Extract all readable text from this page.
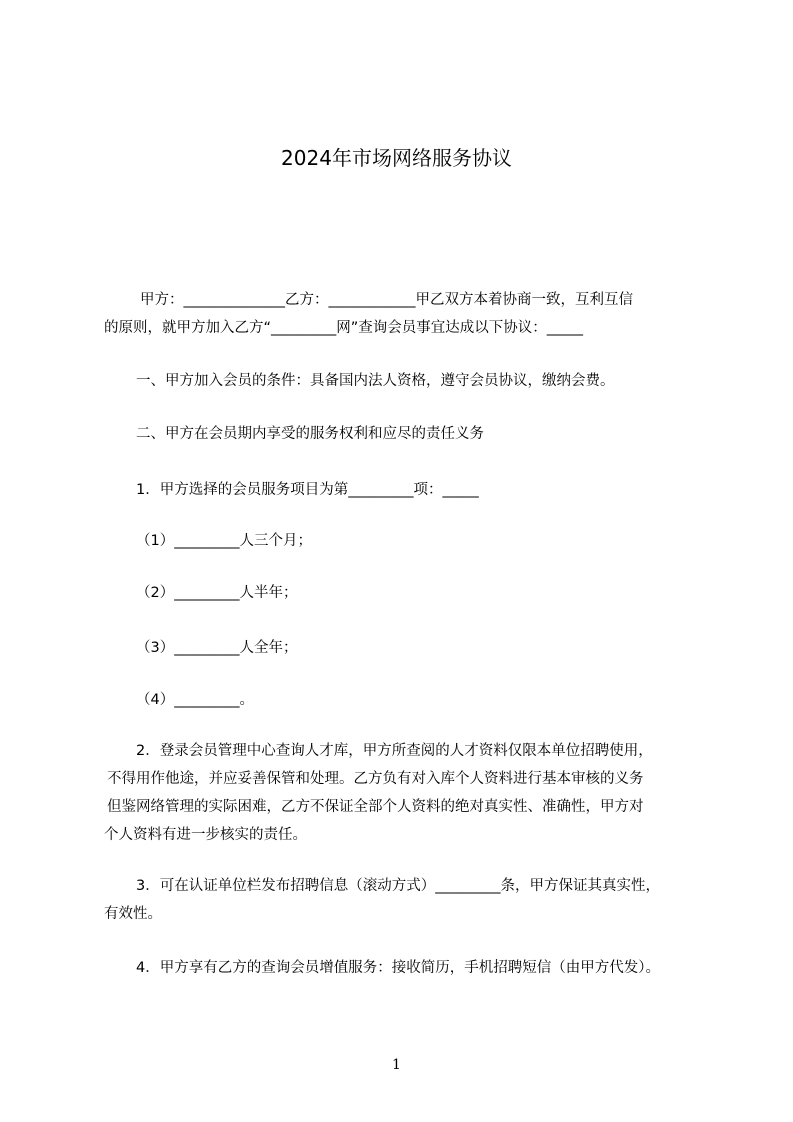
2024年市场网络服务协议
甲方：______________乙方：____________甲乙双方本着协商一致，互利互信
的原则，就甲方加入乙方“_________网”查询会员事宜达成以下协议：_____
一、甲方加入会员的条件：具备国内法人资格，遵守会员协议，缴纳会费。
二、甲方在会员期内享受的服务权利和应尽的责任义务
1．甲方选择的会员服务项目为第_________项：_____
（1）_________人三个月；
（2）_________人半年；
（3）_________人全年；
（4）_________。
2．登录会员管理中心查询人才库，甲方所查阅的人才资料仅限本单位招聘使用，
不得用作他途，并应妥善保管和处理。乙方负有对入库个人资料进行基本审核的义务
但鉴网络管理的实际困难，乙方不保证全部个人资料的绝对真实性、准确性，甲方对
个人资料有进一步核实的责任。
3．可在认证单位栏发布招聘信息（滚动方式）_________条，甲方保证其真实性，
有效性。
4．甲方享有乙方的查询会员增值服务：接收简历，手机招聘短信（由甲方代发）。
1
